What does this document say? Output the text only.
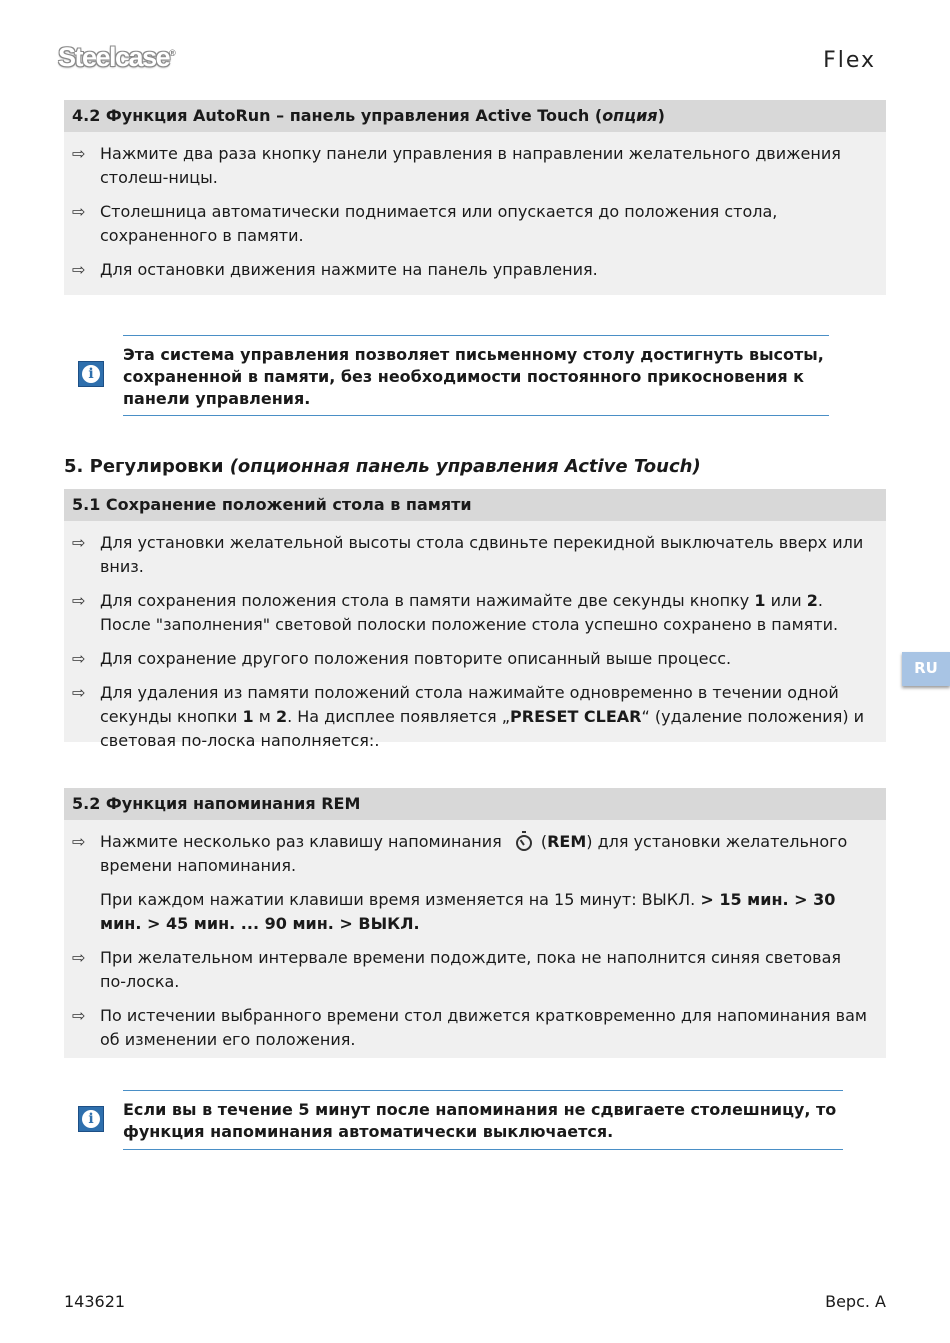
Steelcase®	Flex
4.2 Функция AutoRun – панель управления Active Touch (опция)
⇨ Нажмите два раза кнопку панели управления в направлении желательного движения столеш-ницы.
⇨ Столешница автоматически поднимается или опускается до положения стола, сохраненного в памяти.
⇨ Для остановки движения нажмите на панель управления.
i
Эта система управления позволяет письменному столу достигнуть высоты, сохраненной в памяти, без необходимости постоянного прикосновения к панели управления.
5. Регулировки (опционная панель управления Active Touch)
5.1 Сохранение положений стола в памяти
⇨ Для установки желательной высоты стола сдвиньте перекидной выключатель вверх или вниз.
⇨ Для сохранения положения стола в памяти нажимайте две секунды кнопку 1 или 2. После "заполнения" световой полоски положение стола успешно сохранено в памяти.
⇨ Для сохранение другого положения повторите описанный выше процесс.
⇨ Для удаления из памяти положений стола нажимайте одновременно в течении одной секунды кнопки 1 м 2. На дисплее появляется „PRESET CLEAR“ (удаление положения) и световая по-лоска наполняется:.
RU
5.2 Функция напоминания REM
⇨ Нажмите несколько раз клавишу напоминания (REM) для установки желательного времени напоминания.
При каждом нажатии клавиши время изменяется на 15 минут: ВЫКЛ. > 15 мин. > 30 мин. > 45 мин. ... 90 мин. > ВЫКЛ.
⇨ При желательном интервале времени подождите, пока не наполнится синяя световая по-лоска.
⇨ По истечении выбранного времени стол движется кратковременно для напоминания вам об изменении его положения.
i	Если вы в течение 5 минут после напоминания не сдвигаете столешницу, то функция напоминания автоматически выключается.
143621	Верс. А
